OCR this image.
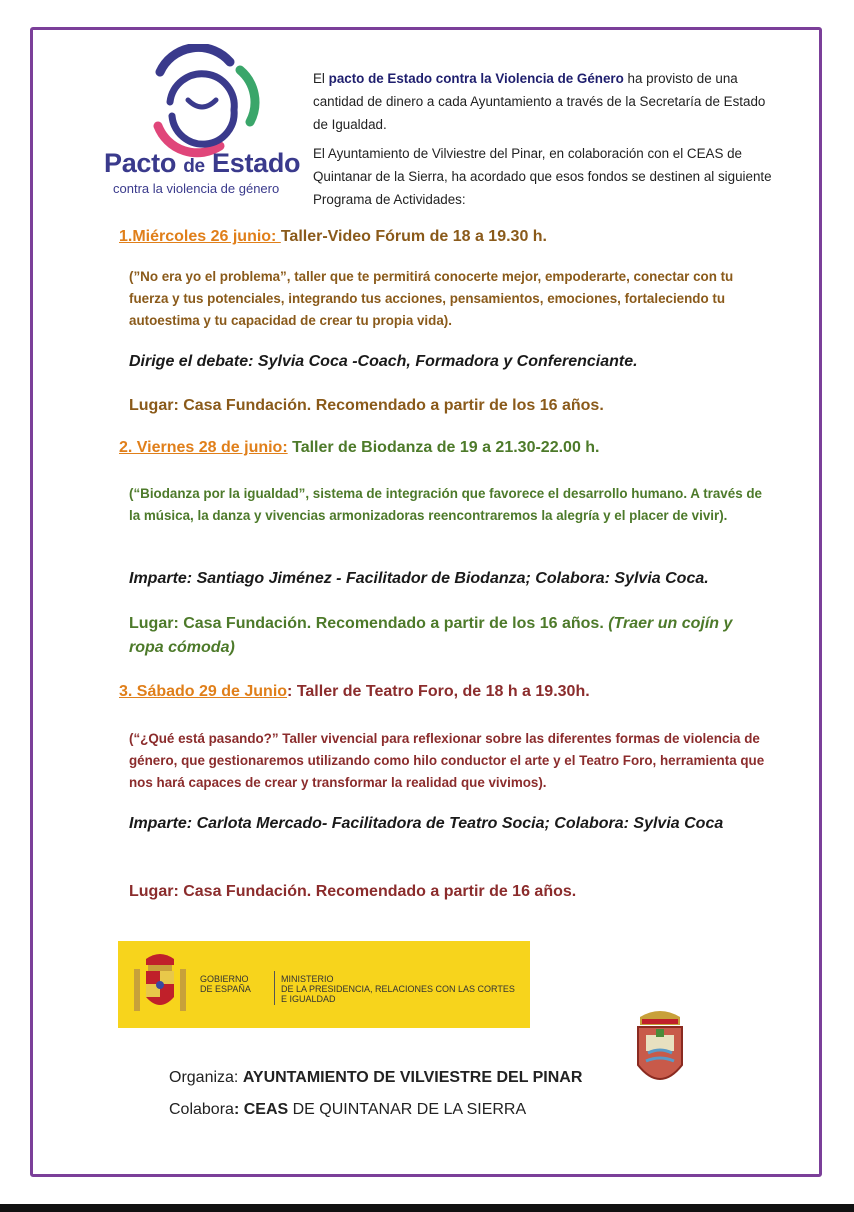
Pacto de Estado
contra la violencia de género

El pacto de Estado contra la Violencia de Género ha provisto de una cantidad de dinero a cada Ayuntamiento a través de la Secretaría de Estado de Igualdad.

El Ayuntamiento de Vilviestre del Pinar, en colaboración con el CEAS de Quintanar de la Sierra, ha acordado que esos fondos se destinen al siguiente Programa de Actividades:

1.Miércoles 26 junio: Taller-Video Fórum de 18 a 19.30 h.
(”No era yo el problema”, taller que te permitirá conocerte mejor, empoderarte, conectar con tu fuerza y tus potenciales, integrando tus acciones, pensamientos, emociones, fortaleciendo tu autoestima y tu capacidad de crear tu propia vida).
Dirige el debate: Sylvia Coca -Coach, Formadora y Conferenciante.
Lugar: Casa Fundación. Recomendado a partir de los 16 años.
2. Viernes 28 de junio: Taller de Biodanza de 19 a 21.30-22.00 h.
(“Biodanza por la igualdad”, sistema de integración que favorece el desarrollo humano. A través de la música, la danza y vivencias armonizadoras reencontraremos la alegría y el placer de vivir).
Imparte: Santiago Jiménez - Facilitador de Biodanza; Colabora: Sylvia Coca.
Lugar: Casa Fundación. Recomendado a partir de los 16 años. (Traer un cojín y ropa cómoda)
3. Sábado 29 de Junio: Taller de Teatro Foro, de 18 h a 19.30h.
(“¿Qué está pasando?” Taller vivencial para reflexionar sobre las diferentes formas de violencia de género, que gestionaremos utilizando como hilo conductor el arte y el Teatro Foro, herramienta que nos hará capaces de crear y transformar la realidad que vivimos).
Imparte: Carlota Mercado- Facilitadora de Teatro Socia; Colabora: Sylvia Coca
Lugar: Casa Fundación. Recomendado a partir de 16 años.
GOBIERNO
DE ESPAÑA
MINISTERIO
DE LA PRESIDENCIA, RELACIONES CON LAS CORTES
E IGUALDAD
Organiza: AYUNTAMIENTO DE VILVIESTRE DEL PINAR
Colabora: CEAS DE QUINTANAR DE LA SIERRA
